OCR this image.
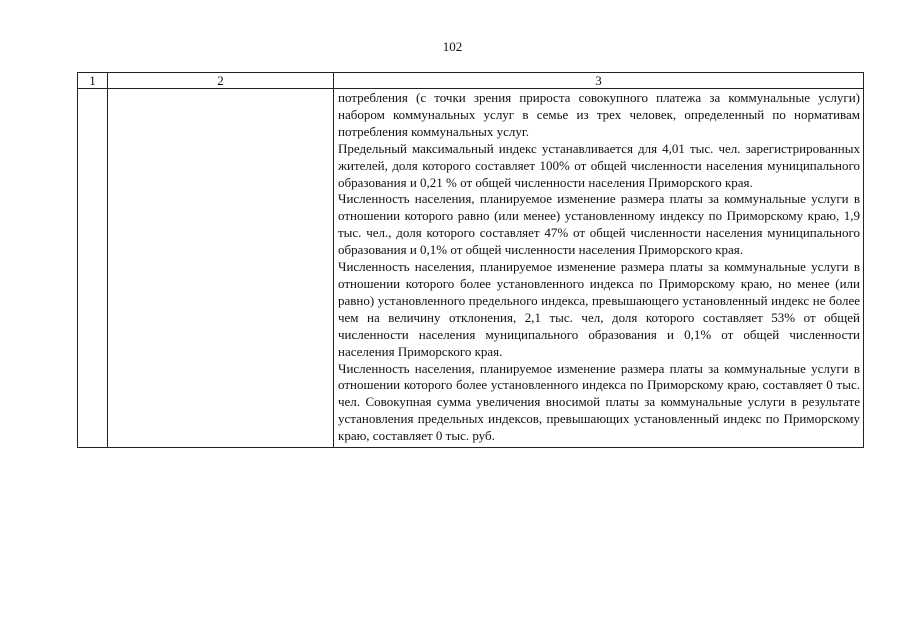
102
1	2	3

		потребления (с точки зрения прироста совокупного платежа за коммунальные услуги) набором коммунальных услуг в семье из трех человек, определенный по нормативам потребления коммунальных услуг.

Предельный максимальный индекс устанавливается для 4,01 тыс. чел. зарегистрированных жителей, доля которого составляет 100% от общей численности населения муниципального образования и 0,21 % от общей численности населения Приморского края.

Численность населения, планируемое изменение размера платы за коммунальные услуги в отношении которого равно (или менее) установленному индексу по Приморскому краю, 1,9 тыс. чел., доля которого составляет 47% от общей численности населения муниципального образования и 0,1% от общей численности населения Приморского края.

Численность населения, планируемое изменение размера платы за коммунальные услуги в отношении которого более установленного индекса по Приморскому краю, но менее (или равно) установленного предельного индекса, превышающего установленный индекс не более чем на величину отклонения, 2,1 тыс. чел, доля которого составляет 53% от общей численности населения муниципального образования и 0,1% от общей численности населения Приморского края.

Численность населения, планируемое изменение размера платы за коммунальные услуги в отношении которого более установленного индекса по Приморскому краю, составляет 0 тыс. чел. Совокупная сумма увеличения вносимой платы за коммунальные услуги в результате установления предельных индексов, превышающих установленный индекс по Приморскому краю, составляет 0 тыс. руб.
